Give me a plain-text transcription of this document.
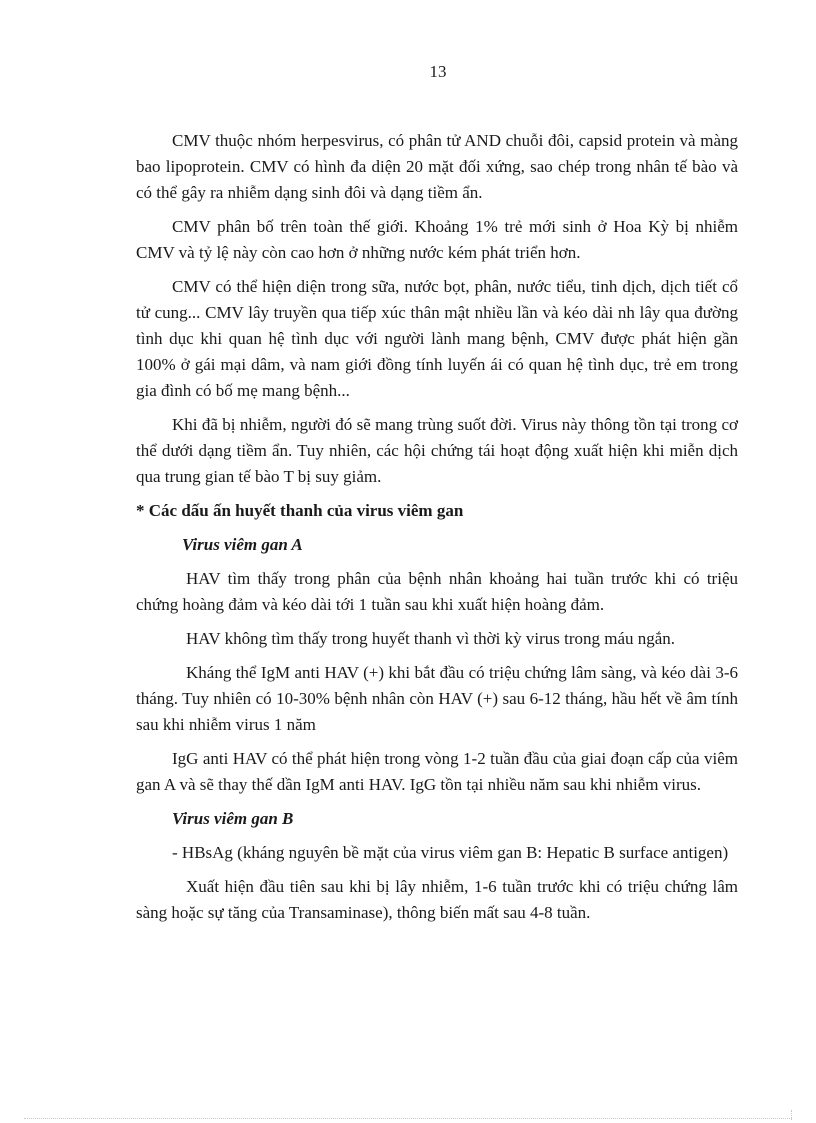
13

CMV thuộc nhóm herpesvirus, có phân tử AND chuỗi đôi, capsid protein và màng bao lipoprotein. CMV có hình đa diện 20 mặt đối xứng, sao chép trong nhân tế bào và có thể gây ra nhiễm dạng sinh đôi và dạng tiềm ẩn.

CMV phân bố trên toàn thế giới. Khoảng 1% trẻ mới sinh ở Hoa Kỳ bị nhiễm CMV và tỷ lệ này còn cao hơn ở những nước kém phát triển hơn.

CMV có thể hiện diện trong sữa, nước bọt, phân, nước tiểu, tinh dịch, dịch tiết cổ tử cung... CMV lây truyền qua tiếp xúc thân mật nhiều lần và kéo dài nh lây qua đường tình dục khi quan hệ tình dục với người lành mang bệnh, CMV được phát hiện gần 100% ở gái mại dâm, và nam giới đồng tính luyến ái có quan hệ tình dục, trẻ em trong gia đình có bố mẹ mang bệnh...

Khi đã bị nhiễm, người đó sẽ mang trùng suốt đời. Virus này thông tồn tại trong cơ thể dưới dạng tiềm ẩn. Tuy nhiên, các hội chứng tái hoạt động xuất hiện khi miễn dịch qua trung gian tế bào T bị suy giảm.

* Các dấu ấn huyết thanh của virus viêm gan

Virus viêm gan A

HAV tìm thấy trong phân của bệnh nhân khoảng hai tuần trước khi có triệu chứng hoàng đảm và kéo dài tới 1 tuần sau khi xuất hiện hoàng đảm.

HAV không tìm thấy trong huyết thanh vì thời kỳ virus trong máu ngắn.

Kháng thể IgM anti HAV (+) khi bắt đầu có triệu chứng lâm sàng, và kéo dài 3-6 tháng. Tuy nhiên có 10-30% bệnh nhân còn HAV (+) sau 6-12 tháng, hầu hết về âm tính sau khi nhiễm virus 1 năm

IgG anti HAV có thể phát hiện trong vòng 1-2 tuần đầu của giai đoạn cấp của viêm gan A và sẽ thay thế dần IgM anti HAV. IgG tồn tại nhiều năm sau khi nhiễm virus.

Virus viêm gan B

- HBsAg (kháng nguyên bề mặt của virus viêm gan B: Hepatic B surface antigen)

Xuất hiện đầu tiên sau khi bị lây nhiễm, 1-6 tuần trước khi có triệu chứng lâm sàng hoặc sự tăng của Transaminase), thông biến mất sau 4-8 tuần.
